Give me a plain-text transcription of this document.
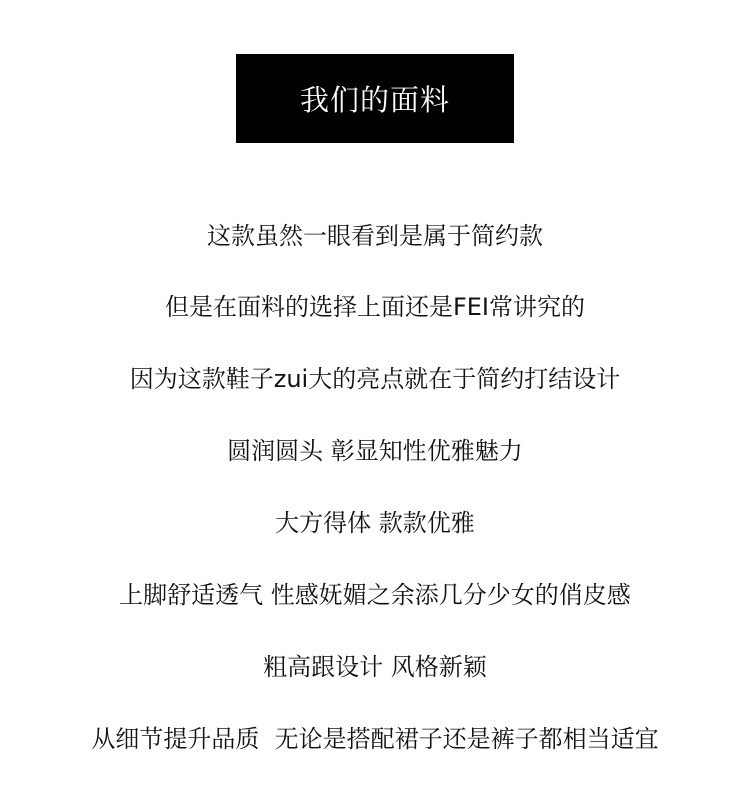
我们的面料
这款虽然一眼看到是属于简约款
但是在面料的选择上面还是FEI常讲究的
因为这款鞋子zui大的亮点就在于简约打结设计
圆润圆头 彰显知性优雅魅力
大方得体 款款优雅
上脚舒适透气 性感妩媚之余添几分少女的俏皮感
粗高跟设计 风格新颖
从细节提升品质  无论是搭配裙子还是裤子都相当适宜
